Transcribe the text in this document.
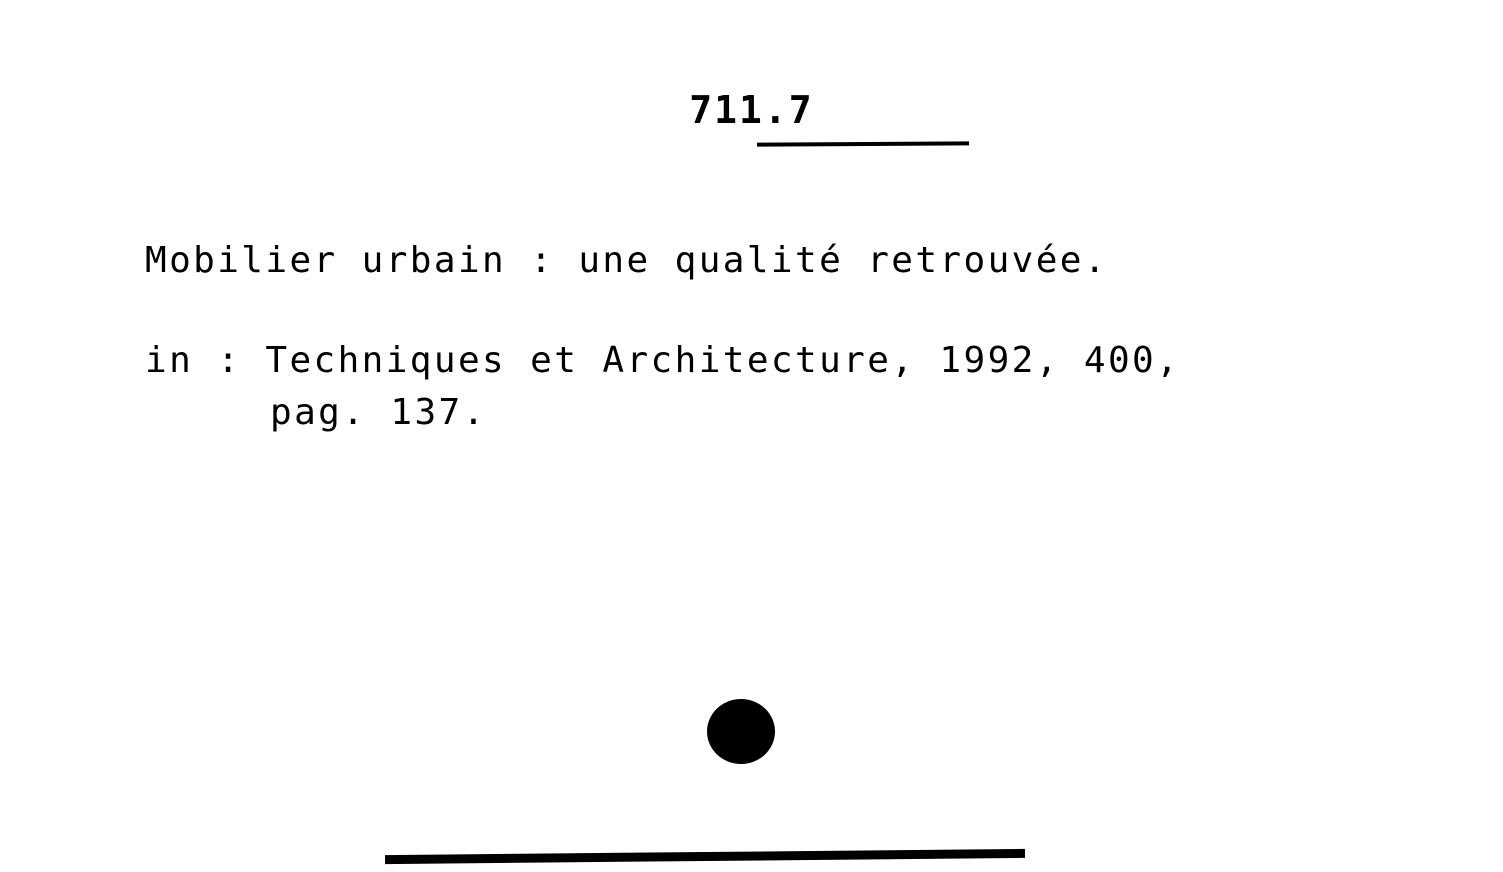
711.7
Mobilier urbain : une qualité retrouvée.
in : Techniques et Architecture, 1992, 400,
pag. 137.
